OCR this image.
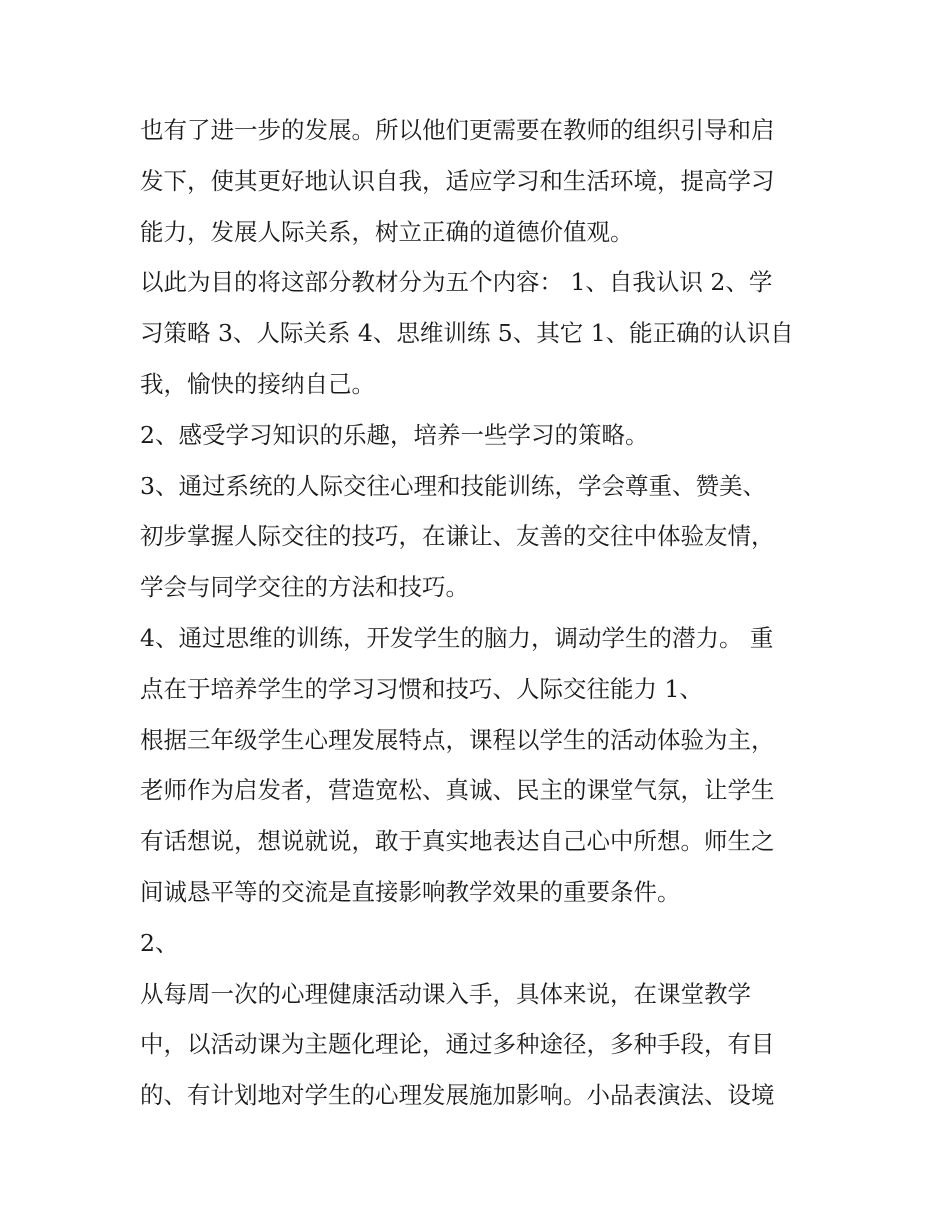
也有了进一步的发展。所以他们更需要在教师的组织引导和启
发下，使其更好地认识自我，适应学习和生活环境，提高学习
能力，发展人际关系，树立正确的道德价值观。
以此为目的将这部分教材分为五个内容： 1、自我认识 2、学
习策略 3、人际关系 4、思维训练 5、其它 1、能正确的认识自
我，愉快的接纳自己。
2、感受学习知识的乐趣，培养一些学习的策略。
3、通过系统的人际交往心理和技能训练，学会尊重、赞美、
初步掌握人际交往的技巧，在谦让、友善的交往中体验友情，
学会与同学交往的方法和技巧。
4、通过思维的训练，开发学生的脑力，调动学生的潜力。 重
点在于培养学生的学习习惯和技巧、人际交往能力 1、
根据三年级学生心理发展特点，课程以学生的活动体验为主，
老师作为启发者，营造宽松、真诚、民主的课堂气氛，让学生
有话想说，想说就说，敢于真实地表达自己心中所想。师生之
间诚恳平等的交流是直接影响教学效果的重要条件。
2、
从每周一次的心理健康活动课入手，具体来说，在课堂教学
中，以活动课为主题化理论，通过多种途径，多种手段，有目
的、有计划地对学生的心理发展施加影响。小品表演法、设境
